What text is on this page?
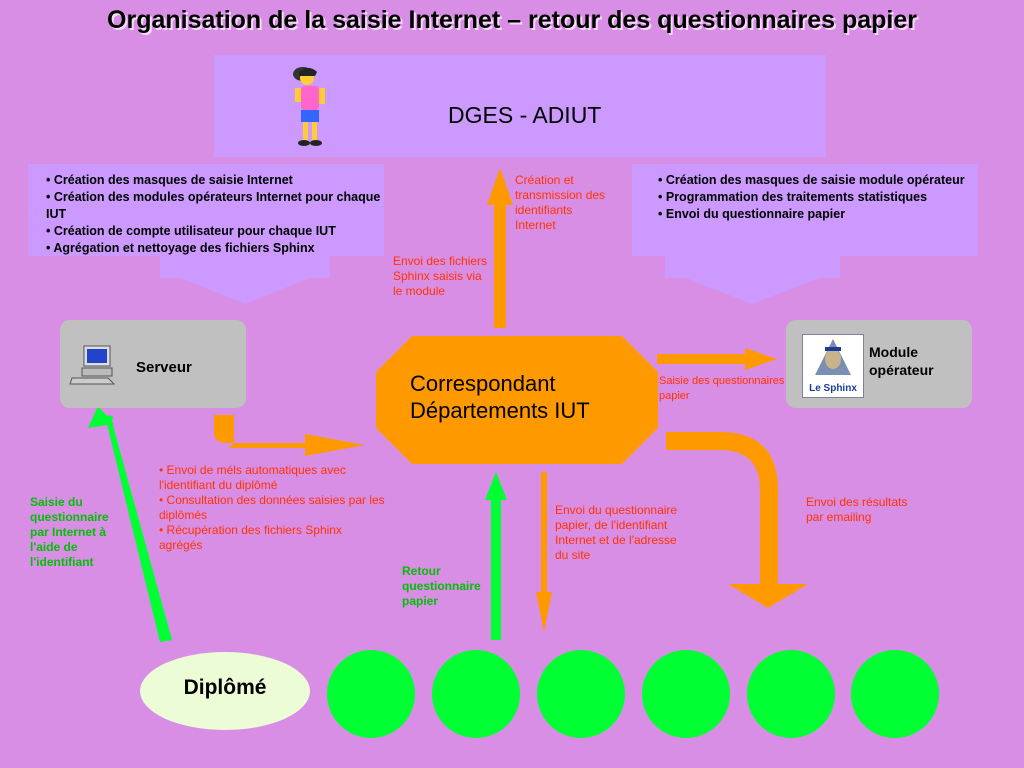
Organisation de la saisie Internet – retour des questionnaires papier
DGES - ADIUT
• Création des masques de saisie Internet
• Création des modules opérateurs Internet pour chaque IUT
• Création de compte utilisateur pour chaque IUT
• Agrégation et nettoyage des fichiers Sphinx
• Création des masques de saisie module opérateur
• Programmation des traitements statistiques
• Envoi du questionnaire papier
Création et transmission des identifiants Internet
Envoi des fichiers Sphinx saisis via le module
Saisie des questionnaires papier
Envoi du questionnaire papier, de l'identifiant Internet et de l'adresse du site
Envoi des résultats par emailing
• Envoi de méls automatiques avec l'identifiant du diplômé
• Consultation des données saisies par les diplômés
• Récupération des fichiers Sphinx agrégés
Saisie du questionnaire par Internet à l'aide de l'identifiant
Retour questionnaire papier
Serveur
Correspondant
Départements IUT
Le Sphinx
Module
opérateur
Diplômé
